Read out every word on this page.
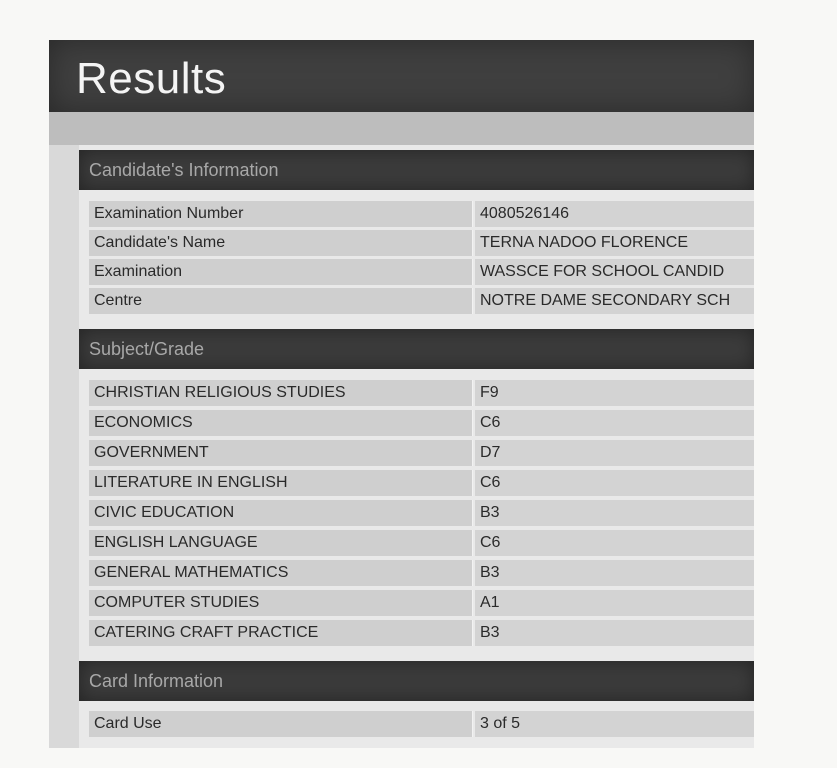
Results
Candidate's Information
Examination Number	4080526146
Candidate's Name	TERNA NADOO FLORENCE
Examination	WASSCE FOR SCHOOL CANDID
Centre	NOTRE DAME SECONDARY SCH
Subject/Grade
CHRISTIAN RELIGIOUS STUDIES	F9
ECONOMICS	C6
GOVERNMENT	D7
LITERATURE IN ENGLISH	C6
CIVIC EDUCATION	B3
ENGLISH LANGUAGE	C6
GENERAL MATHEMATICS	B3
COMPUTER STUDIES	A1
CATERING CRAFT PRACTICE	B3
Card Information
Card Use	3 of 5
